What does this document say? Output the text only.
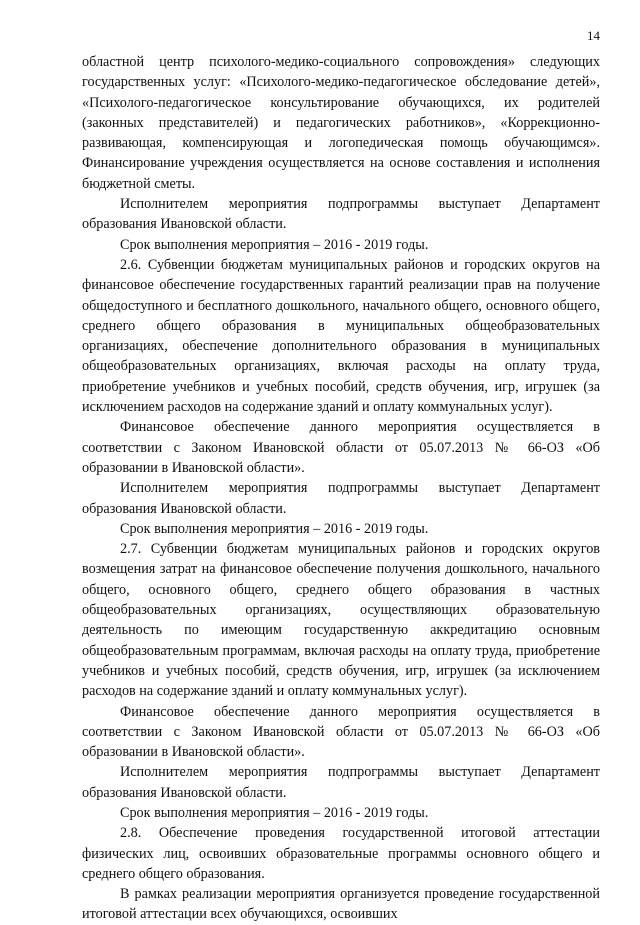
14

областной центр психолого-медико-социального сопровождения» следующих государственных услуг: «Психолого-медико-педагогическое обследование детей», «Психолого-педагогическое консультирование обучающихся, их родителей (законных представителей) и педагогических работников», «Коррекционно-развивающая, компенсирующая и логопедическая помощь обучающимся». Финансирование учреждения осуществляется на основе составления и исполнения бюджетной сметы.

Исполнителем мероприятия подпрограммы выступает Департамент образования Ивановской области.

Срок выполнения мероприятия – 2016 - 2019 годы.

2.6. Субвенции бюджетам муниципальных районов и городских округов на финансовое обеспечение государственных гарантий реализации прав на получение общедоступного и бесплатного дошкольного, начального общего, основного общего, среднего общего образования в муниципальных общеобразовательных организациях, обеспечение дополнительного образования в муниципальных общеобразовательных организациях, включая расходы на оплату труда, приобретение учебников и учебных пособий, средств обучения, игр, игрушек (за исключением расходов на содержание зданий и оплату коммунальных услуг).

Финансовое обеспечение данного мероприятия осуществляется в соответствии с Законом Ивановской области от 05.07.2013 № 66-ОЗ «Об образовании в Ивановской области».

Исполнителем мероприятия подпрограммы выступает Департамент образования Ивановской области.

Срок выполнения мероприятия – 2016 - 2019 годы.

2.7. Субвенции бюджетам муниципальных районов и городских округов возмещения затрат на финансовое обеспечение получения дошкольного, начального общего, основного общего, среднего общего образования в частных общеобразовательных организациях, осуществляющих образовательную деятельность по имеющим государственную аккредитацию основным общеобразовательным программам, включая расходы на оплату труда, приобретение учебников и учебных пособий, средств обучения, игр, игрушек (за исключением расходов на содержание зданий и оплату коммунальных услуг).

Финансовое обеспечение данного мероприятия осуществляется в соответствии с Законом Ивановской области от 05.07.2013 № 66-ОЗ «Об образовании в Ивановской области».

Исполнителем мероприятия подпрограммы выступает Департамент образования Ивановской области.

Срок выполнения мероприятия – 2016 - 2019 годы.

2.8. Обеспечение проведения государственной итоговой аттестации физических лиц, освоивших образовательные программы основного общего и среднего общего образования.

В рамках реализации мероприятия организуется проведение государственной итоговой аттестации всех обучающихся, освоивших
